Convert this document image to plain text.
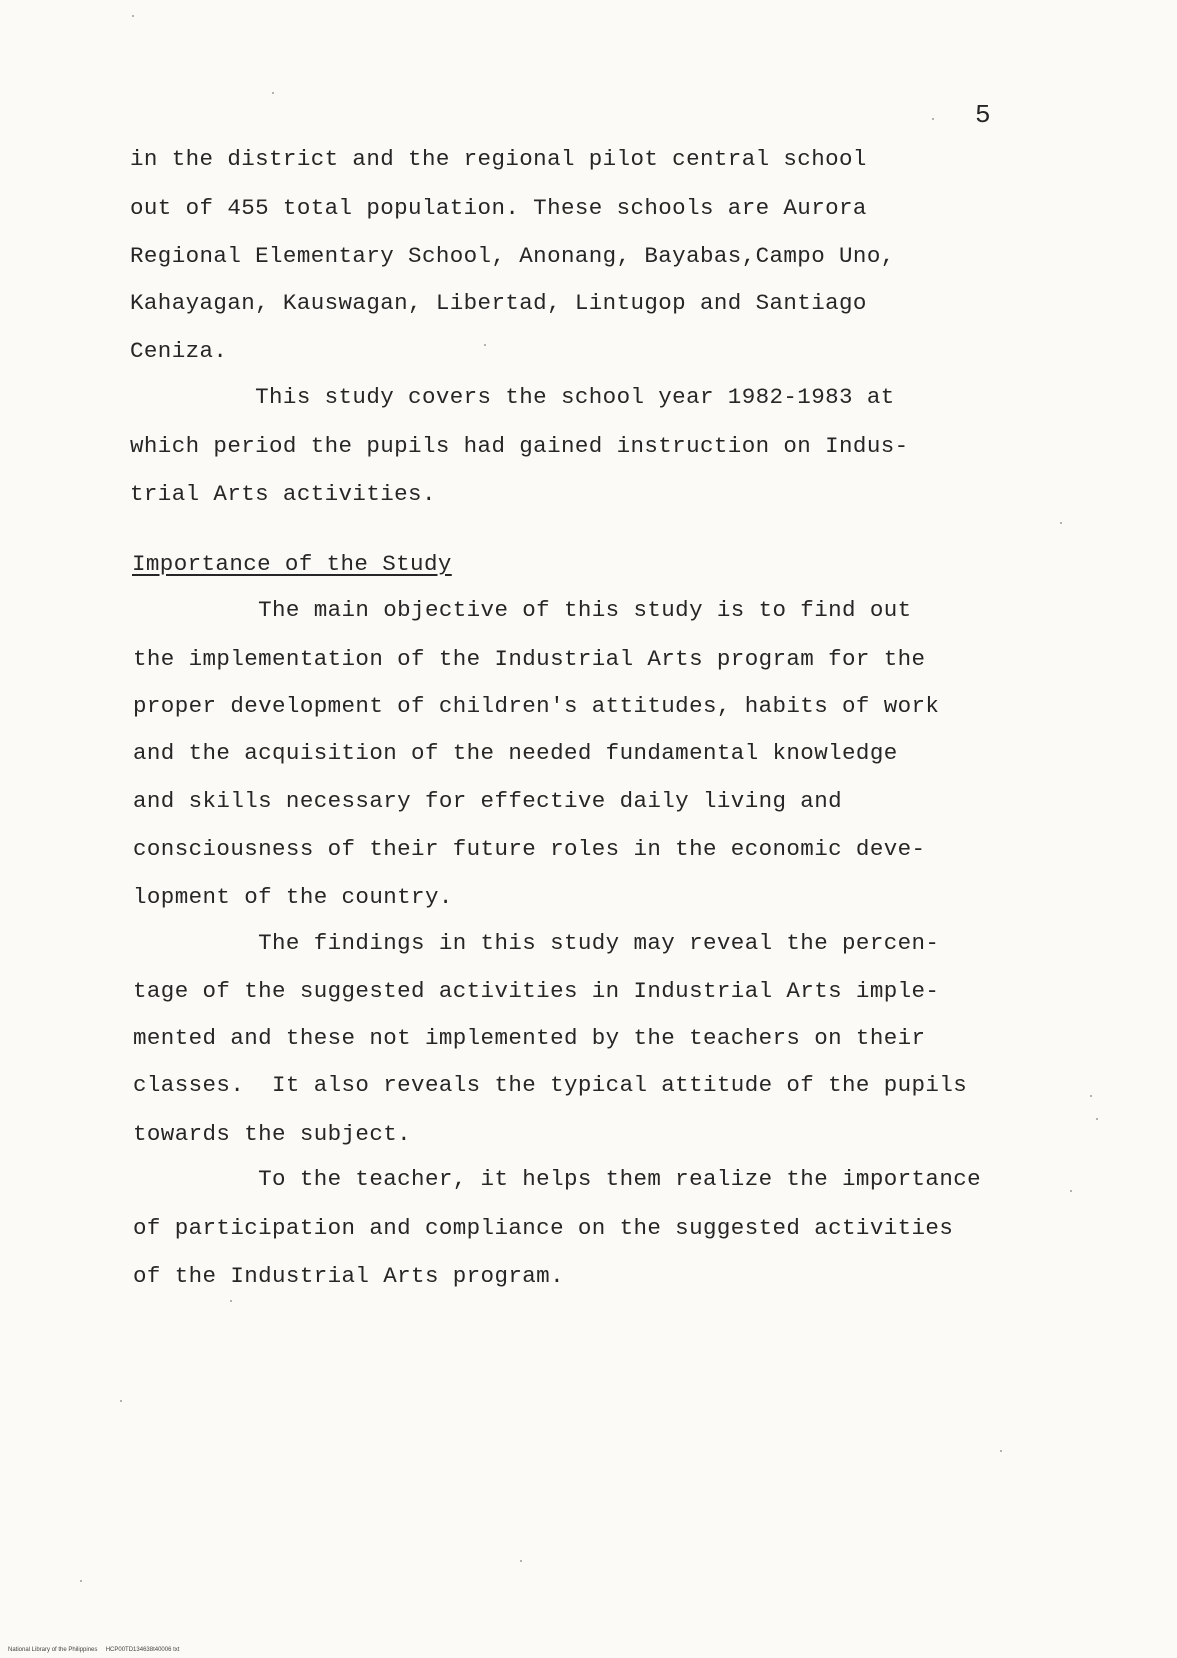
5
in the district and the regional pilot central school
out of 455 total population. These schools are Aurora
Regional Elementary School, Anonang, Bayabas,Campo Uno,
Kahayagan, Kauswagan, Libertad, Lintugop and Santiago
Ceniza.
This study covers the school year 1982-1983 at
which period the pupils had gained instruction on Indus-
trial Arts activities.
Importance of the Study
The main objective of this study is to find out
the implementation of the Industrial Arts program for the
proper development of children's attitudes, habits of work
and the acquisition of the needed fundamental knowledge
and skills necessary for effective daily living and
consciousness of their future roles in the economic deve-
lopment of the country.
The findings in this study may reveal the percen-
tage of the suggested activities in Industrial Arts imple-
mented and these not implemented by the teachers on their
classes.  It also reveals the typical attitude of the pupils
towards the subject.
To the teacher, it helps them realize the importance
of participation and compliance on the suggested activities
of the Industrial Arts program.
National Library of the Philippines     HCP00TD134638t40006 txt
